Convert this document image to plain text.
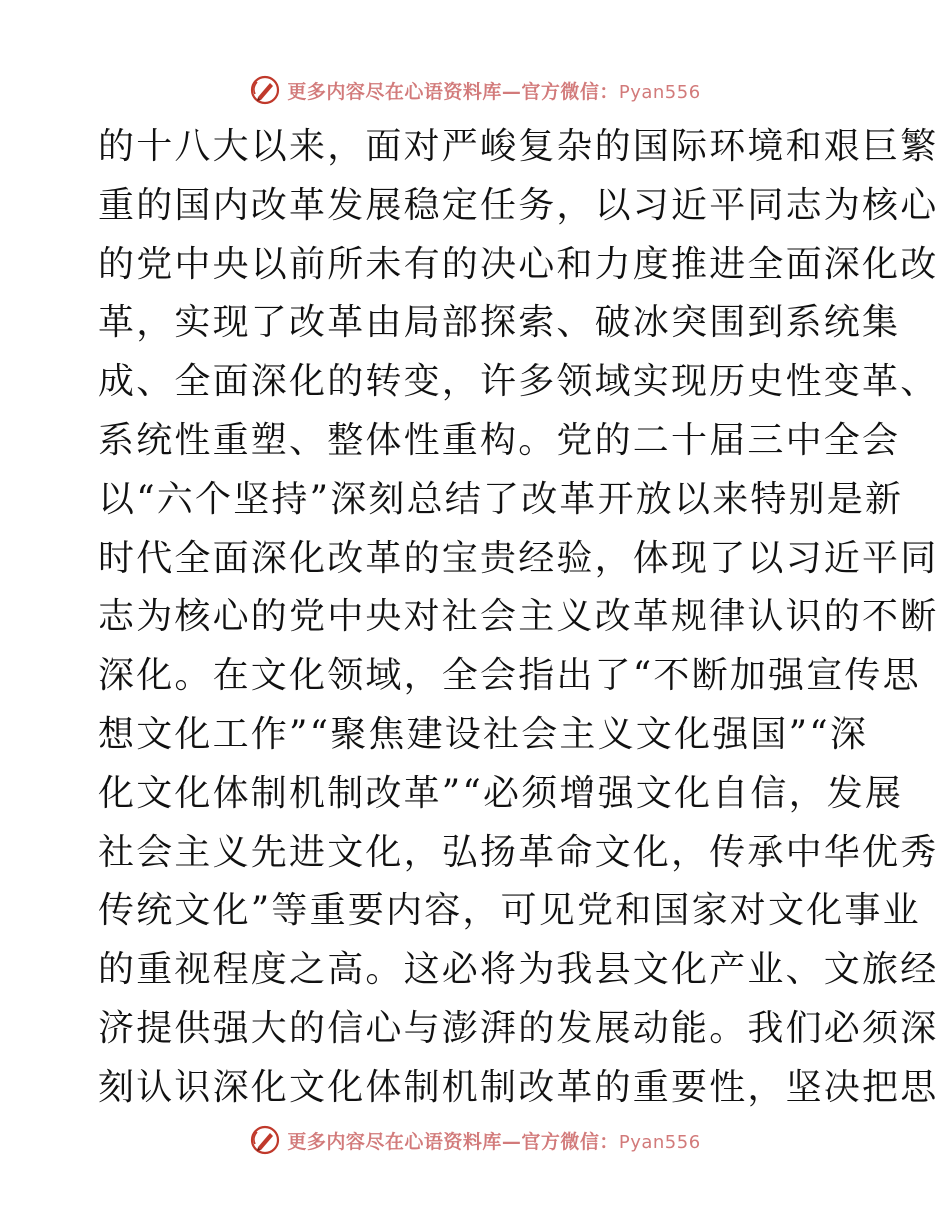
更多内容尽在心语资料库—官方微信：Pyan556
的十八大以来，面对严峻复杂的国际环境和艰巨繁
重的国内改革发展稳定任务，以习近平同志为核心
的党中央以前所未有的决心和力度推进全面深化改
革，实现了改革由局部探索、破冰突围到系统集
成、全面深化的转变，许多领域实现历史性变革、
系统性重塑、整体性重构。党的二十届三中全会
以“六个坚持”深刻总结了改革开放以来特别是新
时代全面深化改革的宝贵经验，体现了以习近平同
志为核心的党中央对社会主义改革规律认识的不断
深化。在文化领域，全会指出了“不断加强宣传思
想文化工作”“聚焦建设社会主义文化强国”“深
化文化体制机制改革”“必须增强文化自信，发展
社会主义先进文化，弘扬革命文化，传承中华优秀
传统文化”等重要内容，可见党和国家对文化事业
的重视程度之高。这必将为我县文化产业、文旅经
济提供强大的信心与澎湃的发展动能。我们必须深
刻认识深化文化体制机制改革的重要性，坚决把思
更多内容尽在心语资料库—官方微信：Pyan556
